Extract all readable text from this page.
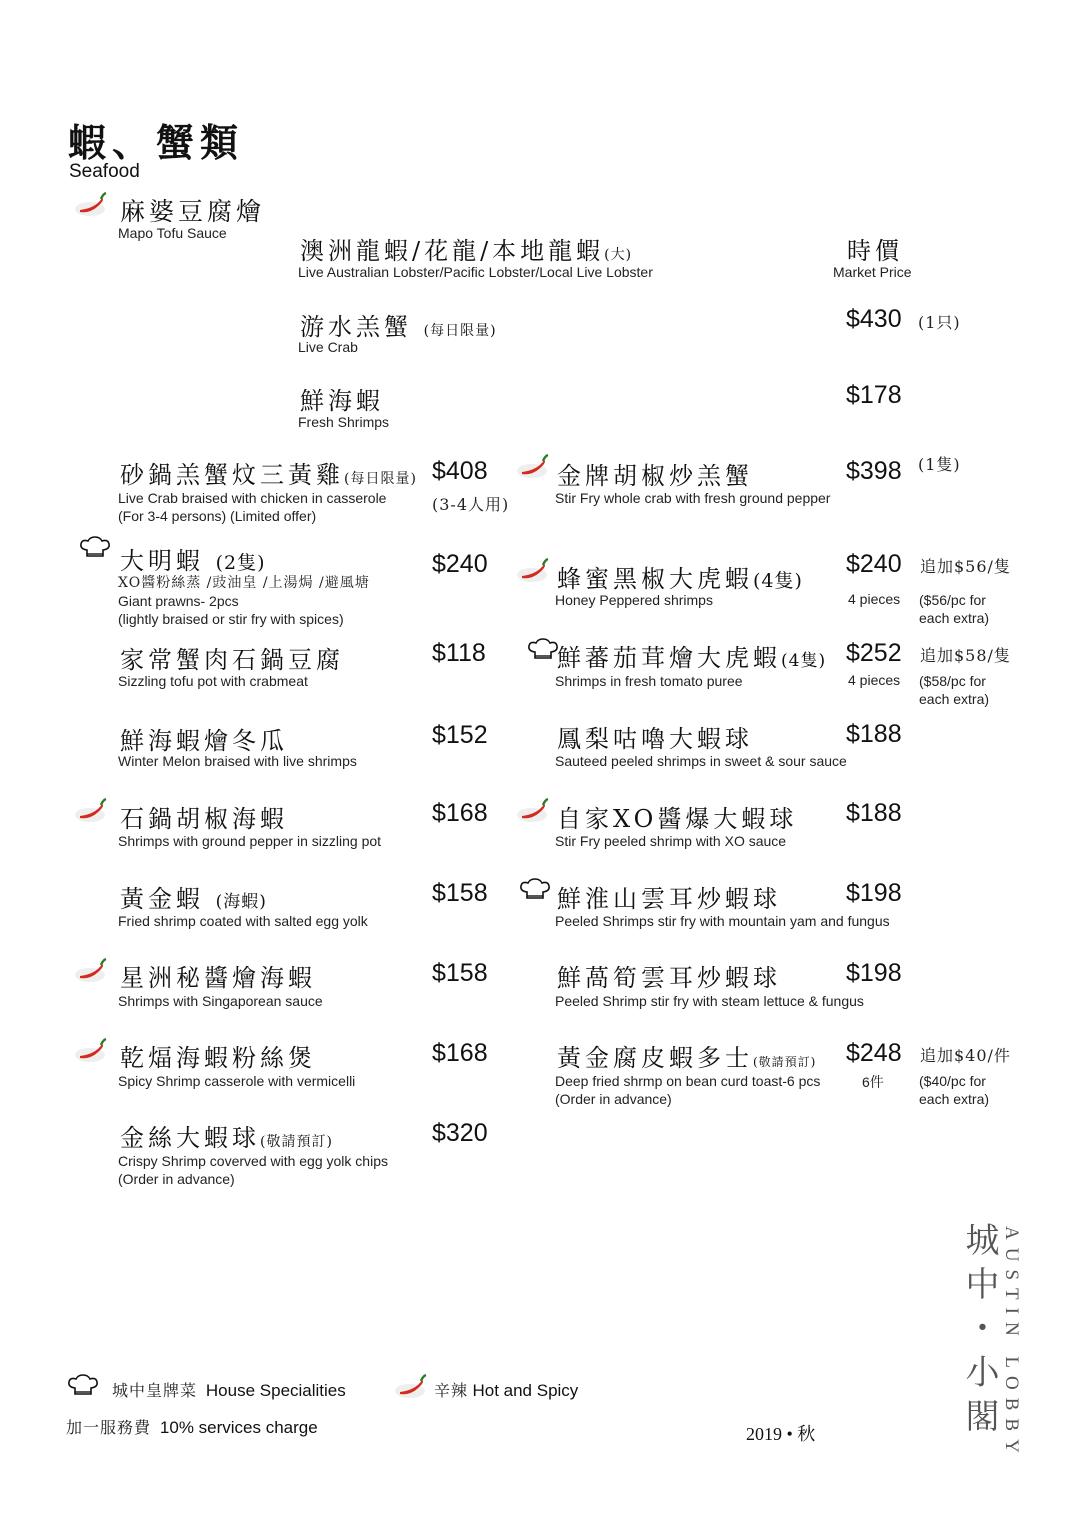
蝦、蟹類
Seafood
麻婆豆腐燴
Mapo Tofu Sauce
澳洲龍蝦/花龍/本地龍蝦(大)
Live Australian Lobster/Pacific Lobster/Local Live Lobster
時價
Market Price
游水羔蟹 (每日限量)
Live Crab
$430 (1只)
鮮海蝦
Fresh Shrimps
$178
砂鍋羔蟹炆三黃雞(每日限量)
Live Crab braised with chicken in casserole
(For 3-4 persons) (Limited offer)
$408
(3-4人用)
大明蝦 (2隻)
XO醬粉絲蒸 /豉油皇 /上湯焗 /避風塘
Giant prawns- 2pcs
(lightly braised or stir fry with spices)
$240
家常蟹肉石鍋豆腐
Sizzling tofu pot with crabmeat
$118
鮮海蝦燴冬瓜
Winter Melon braised with live shrimps
$152
石鍋胡椒海蝦
Shrimps with ground pepper in sizzling pot
$168
黃金蝦 (海蝦)
Fried shrimp coated with salted egg yolk
$158
星洲秘醬燴海蝦
Shrimps with Singaporean sauce
$158
乾煏海蝦粉絲煲
Spicy Shrimp casserole with vermicelli
$168
金絲大蝦球(敬請預訂)
Crispy Shrimp coverved with egg yolk chips
(Order in advance)
$320
金牌胡椒炒羔蟹
Stir Fry whole crab with fresh ground pepper
$398 (1隻)
蜂蜜黑椒大虎蝦(4隻)
Honey Peppered shrimps
$240
4 pieces
追加$56/隻
($56/pc for
each extra)
鮮蕃茄茸燴大虎蝦(4隻)
Shrimps in fresh tomato puree
$252
4 pieces
追加$58/隻
($58/pc for
each extra)
鳳梨咕嚕大蝦球
Sauteed peeled shrimps in sweet & sour sauce
$188
自家XO醬爆大蝦球
Stir Fry peeled shrimp with XO sauce
$188
鮮淮山雲耳炒蝦球
Peeled Shrimps stir fry with mountain yam and fungus
$198
鮮萵筍雲耳炒蝦球
Peeled Shrimp stir fry with steam lettuce & fungus
$198
黃金腐皮蝦多士(敬請預訂)
Deep fried shrmp on bean curd toast-6 pcs
(Order in advance)
$248
6件
追加$40/件
($40/pc for
each extra)
城中・小閣 AUSTIN LOBBY
城中皇牌菜 House Specialities	辛辣 Hot and Spicy
加一服務費 10% services charge	2019 • 秋
